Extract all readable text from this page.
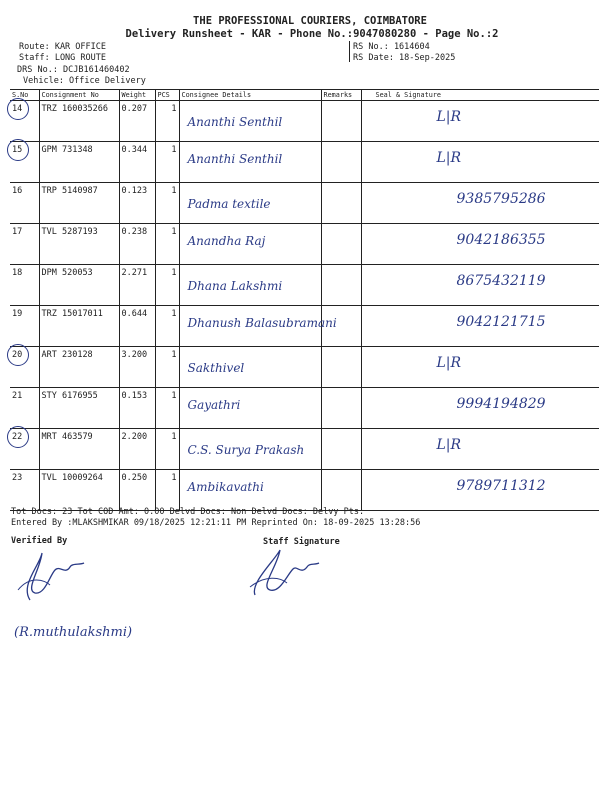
THE PROFESSIONAL COURIERS, COIMBATORE
Delivery Runsheet - KAR - Phone No.:9047080280 - Page No.:2
Route: KAR OFFICE
Staff: LONG ROUTE
DRS No.: DCJB161460402
Vehicle: Office Delivery
RS No.: 1614604
RS Date: 18-Sep-2025
S.No	Consignment No	Weight	PCS	Consignee Details	Remarks	Seal & Signature
14	TRZ 160035266	0.207	1	Ananthi Senthil		L|R

15	GPM 731348	0.344	1	Ananthi Senthil		L|R

16	TRP 5140987	0.123	1	Padma textile		9385795286

17	TVL 5287193	0.238	1	Anandha Raj		9042186355

18	DPM 520053	2.271	1	Dhana Lakshmi		8675432119

19	TRZ 15017011	0.644	1	Dhanush Balasubramani		9042121715

20	ART 230128	3.200	1	Sakthivel		L|R

21	STY 6176955	0.153	1	Gayathri		9994194829

22	MRT 463579	2.200	1	C.S. Surya Prakash		L|R

23	TVL 10009264	0.250	1	Ambikavathi		9789711312
Tot Docs: 23 Tot COD Amt: 0.00 Delvd Docs: Non Delvd Docs: Delvy Pts:
Entered By :MLAKSHMIKAR 09/18/2025 12:21:11 PM Reprinted On: 18-09-2025 13:28:56
Verified By	Staff Signature
(R.muthulakshmi)
